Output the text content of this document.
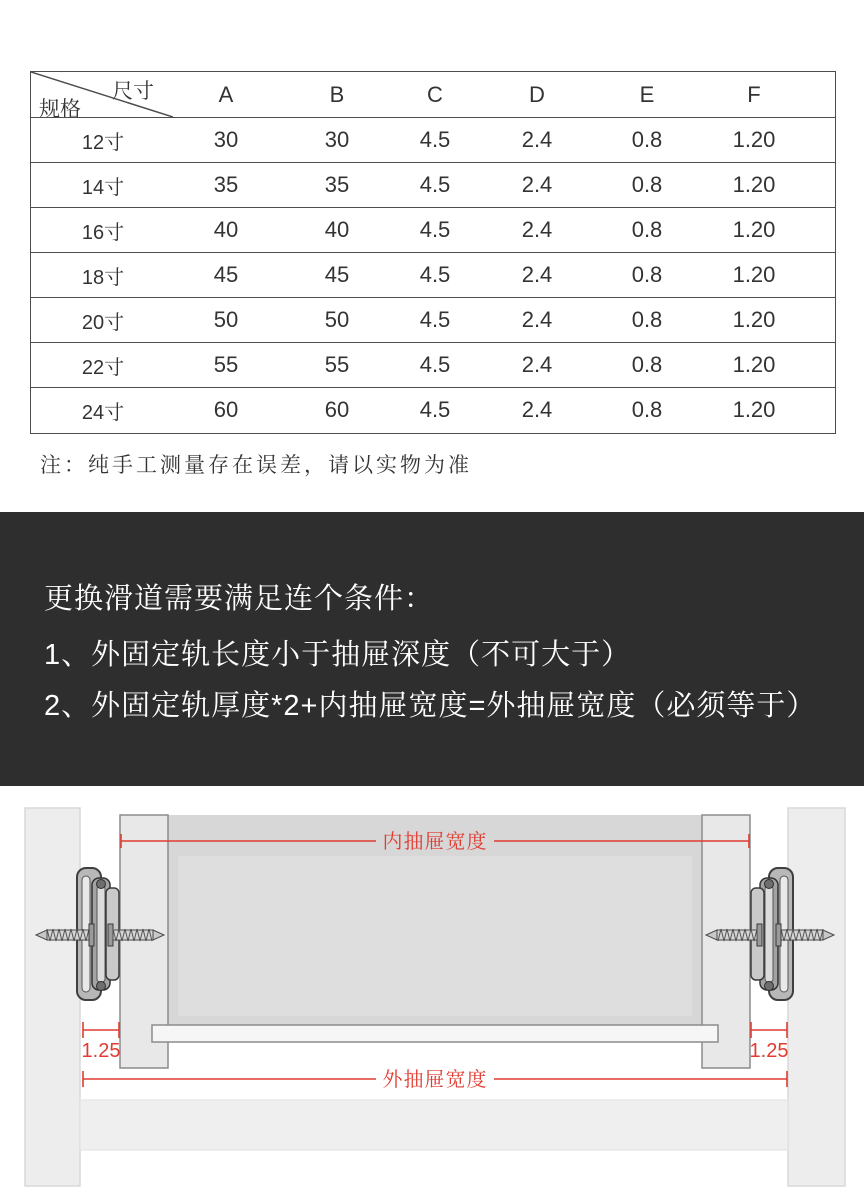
尺寸
规格
A	B	C	D	E	F
12寸	30	30	4.5	2.4	0.8	1.20
14寸	35	35	4.5	2.4	0.8	1.20
16寸	40	40	4.5	2.4	0.8	1.20
18寸	45	45	4.5	2.4	0.8	1.20
20寸	50	50	4.5	2.4	0.8	1.20
22寸	55	55	4.5	2.4	0.8	1.20
24寸	60	60	4.5	2.4	0.8	1.20
注：纯手工测量存在误差，请以实物为准
更换滑道需要满足连个条件：
1、外固定轨长度小于抽屉深度（不可大于）
2、外固定轨厚度*2+内抽屉宽度=外抽屉宽度（必须等于）
内抽屉宽度
1.25	1.25
外抽屉宽度
